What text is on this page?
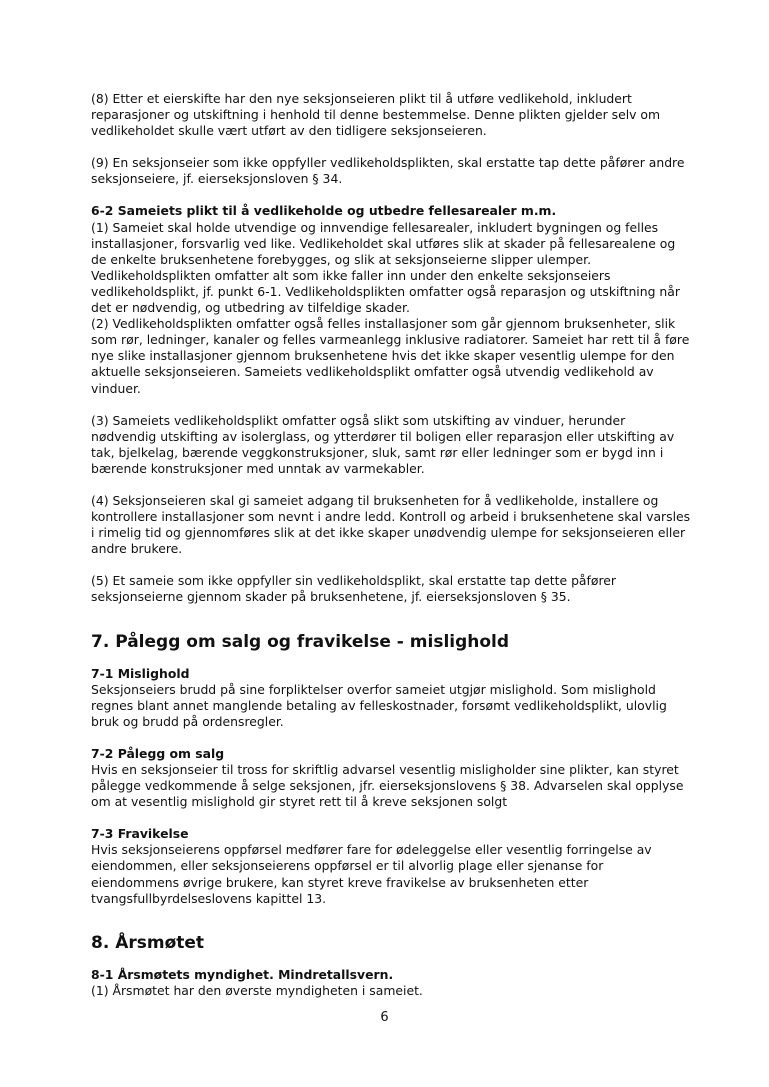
(8) Etter et eierskifte har den nye seksjonseieren plikt til å utføre vedlikehold, inkludert reparasjoner og utskiftning i henhold til denne bestemmelse. Denne plikten gjelder selv om vedlikeholdet skulle vært utført av den tidligere seksjonseieren.

(9) En seksjonseier som ikke oppfyller vedlikeholdsplikten, skal erstatte tap dette påfører andre seksjonseiere, jf. eierseksjonsloven § 34.

6-2 Sameiets plikt til å vedlikeholde og utbedre fellesarealer m.m.

(1) Sameiet skal holde utvendige og innvendige fellesarealer, inkludert bygningen og felles installasjoner, forsvarlig ved like. Vedlikeholdet skal utføres slik at skader på fellesarealene og de enkelte bruksenhetene forebygges, og slik at seksjonseierne slipper ulemper. Vedlikeholdsplikten omfatter alt som ikke faller inn under den enkelte seksjonseiers vedlikeholdsplikt, jf. punkt 6-1. Vedlikeholdsplikten omfatter også reparasjon og utskiftning når det er nødvendig, og utbedring av tilfeldige skader.

(2) Vedlikeholdsplikten omfatter også felles installasjoner som går gjennom bruksenheter, slik som rør, ledninger, kanaler og felles varmeanlegg inklusive radiatorer. Sameiet har rett til å føre nye slike installasjoner gjennom bruksenhetene hvis det ikke skaper vesentlig ulempe for den aktuelle seksjonseieren. Sameiets vedlikeholdsplikt omfatter også utvendig vedlikehold av vinduer.

(3) Sameiets vedlikeholdsplikt omfatter også slikt som utskifting av vinduer, herunder nødvendig utskifting av isolerglass, og ytterdører til boligen eller reparasjon eller utskifting av tak, bjelkelag, bærende veggkonstruksjoner, sluk, samt rør eller ledninger som er bygd inn i bærende konstruksjoner med unntak av varmekabler.

(4) Seksjonseieren skal gi sameiet adgang til bruksenheten for å vedlikeholde, installere og kontrollere installasjoner som nevnt i andre ledd. Kontroll og arbeid i bruksenhetene skal varsles i rimelig tid og gjennomføres slik at det ikke skaper unødvendig ulempe for seksjonseieren eller andre brukere.

(5) Et sameie som ikke oppfyller sin vedlikeholdsplikt, skal erstatte tap dette påfører seksjonseierne gjennom skader på bruksenhetene, jf. eierseksjonsloven § 35.

7. Pålegg om salg og fravikelse - mislighold

7-1 Mislighold

Seksjonseiers brudd på sine forpliktelser overfor sameiet utgjør mislighold. Som mislighold regnes blant annet manglende betaling av felleskostnader, forsømt vedlikeholdsplikt, ulovlig bruk og brudd på ordensregler.

7-2 Pålegg om salg

Hvis en seksjonseier til tross for skriftlig advarsel vesentlig misligholder sine plikter, kan styret pålegge vedkommende å selge seksjonen, jfr. eierseksjonslovens § 38. Advarselen skal opplyse om at vesentlig mislighold gir styret rett til å kreve seksjonen solgt

7-3 Fravikelse

Hvis seksjonseierens oppførsel medfører fare for ødeleggelse eller vesentlig forringelse av eiendommen, eller seksjonseierens oppførsel er til alvorlig plage eller sjenanse for eiendommens øvrige brukere, kan styret kreve fravikelse av bruksenheten etter tvangsfullbyrdelseslovens kapittel 13.

8. Årsmøtet

8-1 Årsmøtets myndighet. Mindretallsvern.

(1) Årsmøtet har den øverste myndigheten i sameiet.

6
